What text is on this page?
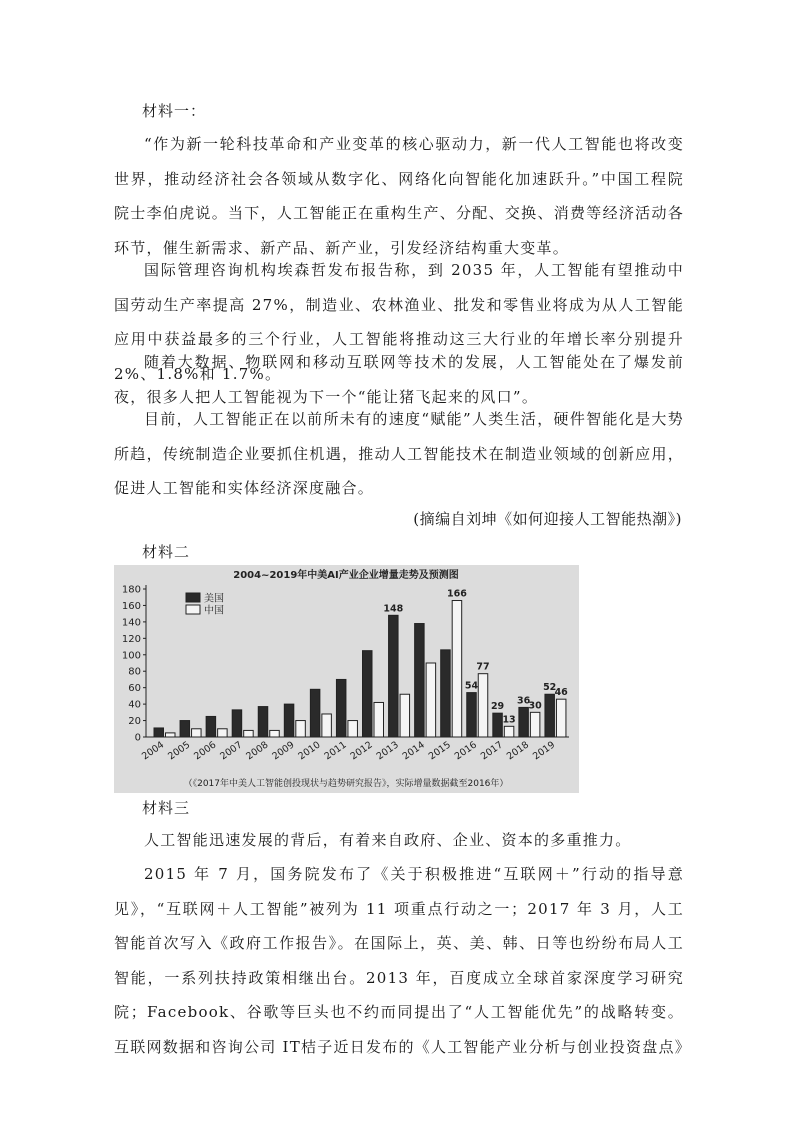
材料一：
“作为新一轮科技革命和产业变革的核心驱动力，新一代人工智能也将改变世界，推动经济社会各领域从数字化、网络化向智能化加速跃升。”中国工程院院士李伯虎说。当下，人工智能正在重构生产、分配、交换、消费等经济活动各环节，催生新需求、新产品、新产业，引发经济结构重大变革。
国际管理咨询机构埃森哲发布报告称，到 2035 年，人工智能有望推动中国劳动生产率提高 27%，制造业、农林渔业、批发和零售业将成为从人工智能应用中获益最多的三个行业，人工智能将推动这三大行业的年增长率分别提升 2%、1.8%和 1.7%。
随着大数据、物联网和移动互联网等技术的发展，人工智能处在了爆发前夜，很多人把人工智能视为下一个“能让猪飞起来的风口”。
目前，人工智能正在以前所未有的速度“赋能”人类生活，硬件智能化是大势所趋，传统制造企业要抓住机遇，推动人工智能技术在制造业领域的创新应用，促进人工智能和实体经济深度融合。
(摘编自刘坤《如何迎接人工智能热潮》)
材料二
2004~2019年中美AI产业企业增量走势及预测图
（《2017年中美人工智能创投现状与趋势研究报告》，实际增量数据截至2016年）
0
20
40
60
80
100
120
140
160
180
2004 2005 2006 2007 2008 2009 2010 2011 2012
148
2013 2014
166
2015
54
77
2016
29
13
2017
36
30
2018
52
46
2019
美国
中国
材料三
人工智能迅速发展的背后，有着来自政府、企业、资本的多重推力。
2015 年 7 月，国务院发布了《关于积极推进“互联网＋”行动的指导意见》，“互联网＋人工智能”被列为 11 项重点行动之一；2017 年 3 月，人工智能首次写入《政府工作报告》。在国际上，英、美、韩、日等也纷纷布局人工智能，一系列扶持政策相继出台。2013 年，百度成立全球首家深度学习研究院；Facebook、谷歌等巨头也不约而同提出了“人工智能优先”的战略转变。互联网数据和咨询公司 IT桔子近日发布的《人工智能产业分析与创业投资盘点》
